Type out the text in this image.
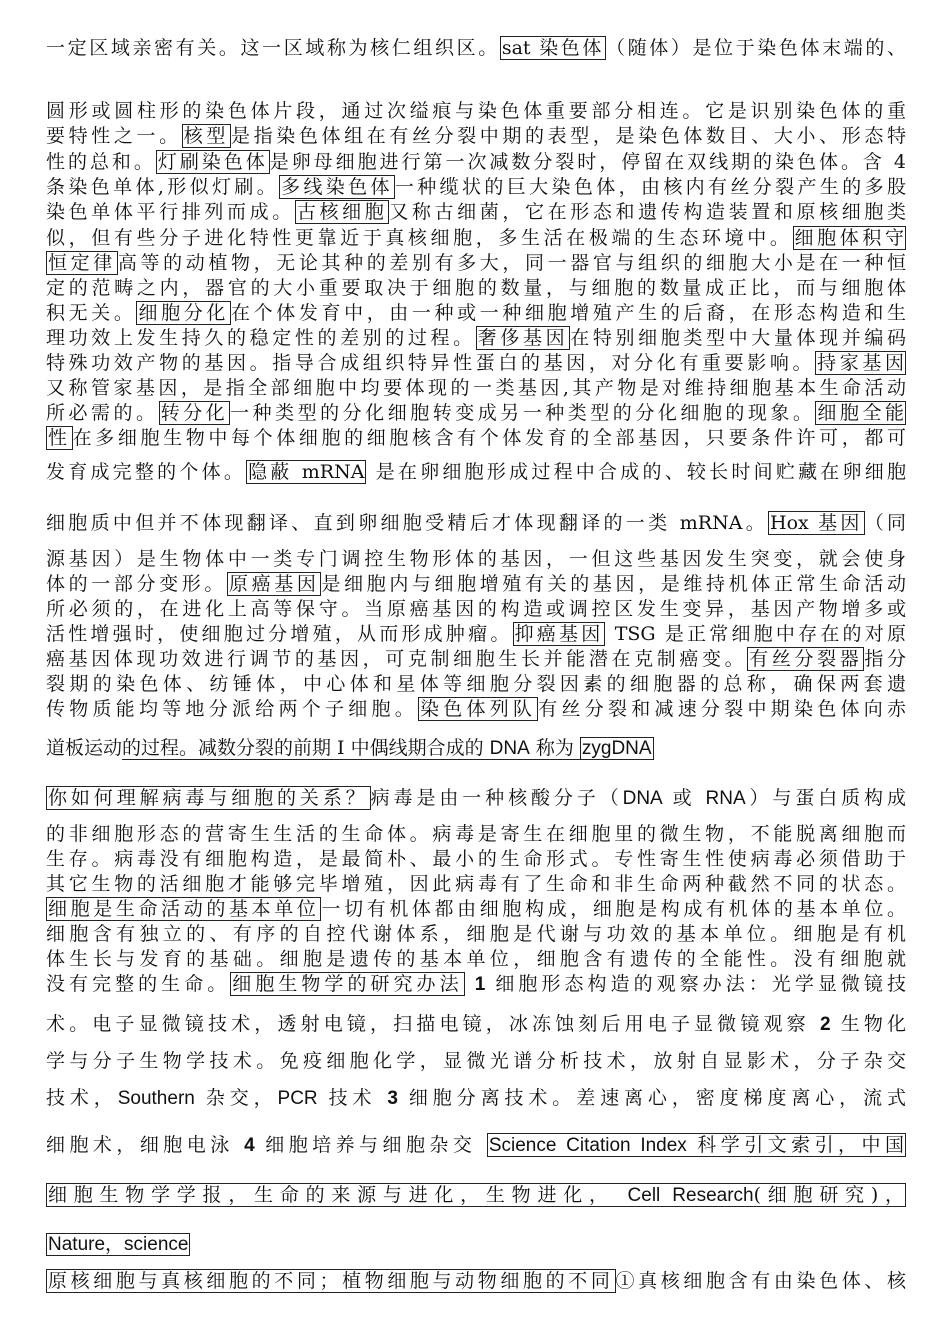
一定区域亲密有关。这一区域称为核仁组织区。 sat 染色体 （随体）是位于染色体末端的、
圆形或圆柱形的染色体片段，通过次缢痕与染色体重要部分相连。它是识别染色体的重
要特性之一。 核型 是指染色体组在有丝分裂中期的表型，是染色体数目、大小、形态特
性的总和。 灯刷染色体 是卵母细胞进行第一次减数分裂时，停留在双线期的染色体。含 4
条染色单体,形似灯刷。 多线染色体 一种缆状的巨大染色体，由核内有丝分裂产生的多股
染色单体平行排列而成。 古核细胞 又称古细菌，它在形态和遗传构造装置和原核细胞类
似，但有些分子进化特性更靠近于真核细胞，多生活在极端的生态环境中。 细胞体积守
恒定律 高等的动植物，无论其种的差别有多大，同一器官与组织的细胞大小是在一种恒
定的范畴之内，器官的大小重要取决于细胞的数量，与细胞的数量成正比，而与细胞体
积无关。 细胞分化 在个体发育中，由一种或一种细胞增殖产生的后裔，在形态构造和生
理功效上发生持久的稳定性的差别的过程。 奢侈基因 在特别细胞类型中大量体现并编码
特殊功效产物的基因。指导合成组织特异性蛋白的基因，对分化有重要影响。 持家基因
又称管家基因，是指全部细胞中均要体现的一类基因,其产物是对维持细胞基本生命活动
所必需的。 转分化 一种类型的分化细胞转变成另一种类型的分化细胞的现象。 细胞全能
性 在多细胞生物中每个体细胞的细胞核含有个体发育的全部基因，只要条件许可，都可
发育成完整的个体。 隐蔽 mRNA 是在卵细胞形成过程中合成的、较长时间贮藏在卵细胞
细胞质中但并不体现翻译、直到卵细胞受精后才体现翻译的一类 mRNA。 Hox 基因 （同
源基因）是生物体中一类专门调控生物形体的基因，一但这些基因发生突变，就会使身
体的一部分变形。 原癌基因 是细胞内与细胞增殖有关的基因，是维持机体正常生命活动
所必须的，在进化上高等保守。当原癌基因的构造或调控区发生变异，基因产物增多或
活性增强时，使细胞过分增殖，从而形成肿瘤。 抑癌基因 TSG 是正常细胞中存在的对原
癌基因体现功效进行调节的基因，可克制细胞生长并能潜在克制癌变。 有丝分裂器 指分
裂期的染色体、纺锤体，中心体和星体等细胞分裂因素的细胞器的总称，确保两套遗
传物质能均等地分派给两个子细胞。 染色体列队 有丝分裂和减速分裂中期染色体向赤
道板运动的过程。减数分裂的前期 I 中偶线期合成的 DNA 称为 zygDNA
你如何理解病毒与细胞的关系？ 病毒是由一种核酸分子（DNA 或 RNA）与蛋白质构成
的非细胞形态的营寄生生活的生命体。病毒是寄生在细胞里的微生物，不能脱离细胞而
生存。病毒没有细胞构造，是最简朴、最小的生命形式。专性寄生性使病毒必须借助于
其它生物的活细胞才能够完毕增殖，因此病毒有了生命和非生命两种截然不同的状态。
细胞是生命活动的基本单位 一切有机体都由细胞构成，细胞是构成有机体的基本单位。
细胞含有独立的、有序的自控代谢体系，细胞是代谢与功效的基本单位。细胞是有机
体生长与发育的基础。细胞是遗传的基本单位，细胞含有遗传的全能性。没有细胞就
没有完整的生命。 细胞生物学的研究办法 1 细胞形态构造的观察办法：光学显微镜技
术。电子显微镜技术，透射电镜，扫描电镜，冰冻蚀刻后用电子显微镜观察 2 生物化
学与分子生物学技术。免疫细胞化学，显微光谱分析技术，放射自显影术，分子杂交
技术，Southern 杂交，PCR 技术 3 细胞分离技术。差速离心，密度梯度离心，流式
细胞术，细胞电泳 4 细胞培养与细胞杂交 Science Citation Index 科学引文索引，中国
细胞生物学学报，生命的来源与进化，生物进化， Cell Research(细胞研究)，
Nature，science
原核细胞与真核细胞的不同；植物细胞与动物细胞的不同 ①真核细胞含有由染色体、核
